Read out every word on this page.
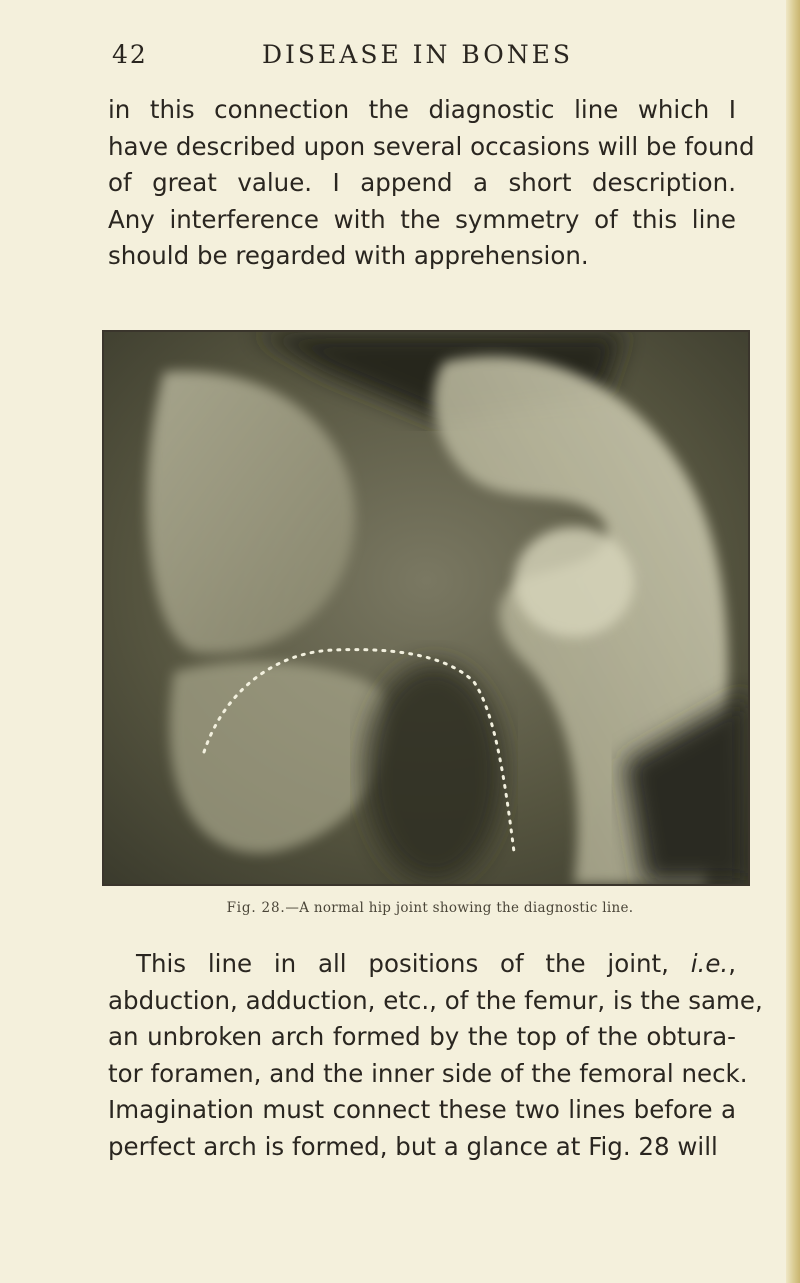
42	DISEASE IN BONES
in this connection the diagnostic line which I
have described upon several occasions will be found
of great value. I append a short description.
Any interference with the symmetry of this line
should be regarded with apprehension.
Fig. 28.—A normal hip joint showing the diagnostic line.
This line in all positions of the joint, i.e.,
abduction, adduction, etc., of the femur, is the same,
an unbroken arch formed by the top of the obtura-
tor foramen, and the inner side of the femoral neck.
Imagination must connect these two lines before a
perfect arch is formed, but a glance at Fig. 28 will
